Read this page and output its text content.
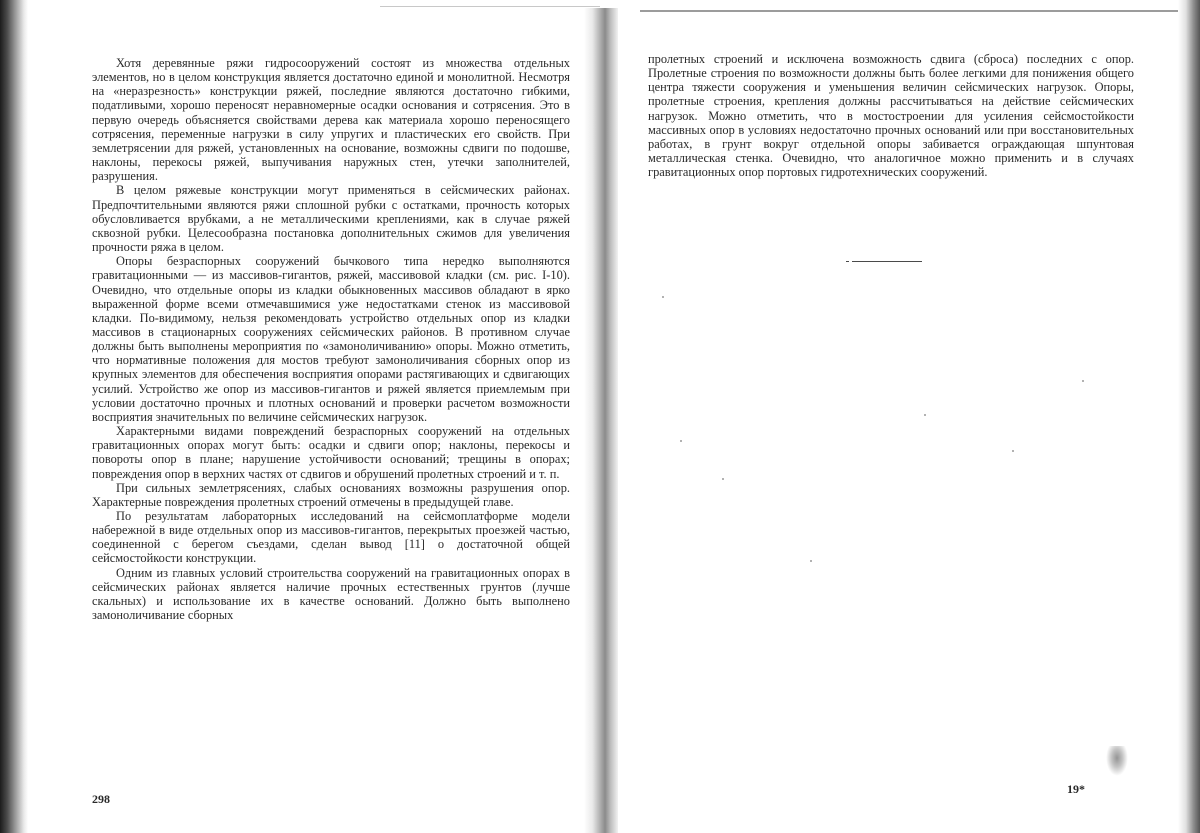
Хотя деревянные ряжи гидросооружений состоят из множества отдельных элементов, но в целом конструкция является достаточно единой и монолитной. Несмотря на «неразрезность» конструкции ряжей, последние являются достаточно гибкими, податливыми, хорошо переносят неравномерные осадки основания и сотрясения. Это в первую очередь объясняется свойствами дерева как материала хорошо переносящего сотрясения, переменные нагрузки в силу упругих и пластических его свойств. При землетрясении для ряжей, установленных на основание, возможны сдвиги по подошве, наклоны, перекосы ряжей, выпучивания наружных стен, утечки заполнителей, разрушения.

В целом ряжевые конструкции могут применяться в сейсмических районах. Предпочтительными являются ряжи сплошной рубки с остатками, прочность которых обусловливается врубками, а не металлическими креплениями, как в случае ряжей сквозной рубки. Целесообразна постановка дополнительных сжимов для увеличения прочности ряжа в целом.

Опоры безраспорных сооружений бычкового типа нередко выполняются гравитационными — из массивов-гигантов, ряжей, массивовой кладки (см. рис. I-10). Очевидно, что отдельные опоры из кладки обыкновенных массивов обладают в ярко выраженной форме всеми отмечавшимися уже недостатками стенок из массивовой кладки. По-видимому, нельзя рекомендовать устройство отдельных опор из кладки массивов в стационарных сооружениях сейсмических районов. В противном случае должны быть выполнены мероприятия по «замоноличиванию» опоры. Можно отметить, что нормативные положения для мостов требуют замоноличивания сборных опор из крупных элементов для обеспечения восприятия опорами растягивающих и сдвигающих усилий. Устройство же опор из массивов-гигантов и ряжей является приемлемым при условии достаточно прочных и плотных оснований и проверки расчетом возможности восприятия значительных по величине сейсмических нагрузок.

Характерными видами повреждений безраспорных сооружений на отдельных гравитационных опорах могут быть: осадки и сдвиги опор; наклоны, перекосы и повороты опор в плане; нарушение устойчивости оснований; трещины в опорах; повреждения опор в верхних частях от сдвигов и обрушений пролетных строений и т. п.

При сильных землетрясениях, слабых основаниях возможны разрушения опор. Характерные повреждения пролетных строений отмечены в предыдущей главе.

По результатам лабораторных исследований на сейсмоплатформе модели набережной в виде отдельных опор из массивов-гигантов, перекрытых проезжей частью, соединенной с берегом съездами, сделан вывод [11] о достаточной общей сейсмостойкости конструкции.

Одним из главных условий строительства сооружений на гравитационных опорах в сейсмических районах является наличие прочных естественных грунтов (лучше скальных) и использование их в качестве оснований. Должно быть выполнено замоноличивание сборных

298

пролетных строений и исключена возможность сдвига (сброса) последних с опор. Пролетные строения по возможности должны быть более легкими для понижения общего центра тяжести сооружения и уменьшения величин сейсмических нагрузок. Опоры, пролетные строения, крепления должны рассчитываться на действие сейсмических нагрузок. Можно отметить, что в мостостроении для усиления сейсмостойкости массивных опор в условиях недостаточно прочных оснований или при восстановительных работах, в грунт вокруг отдельной опоры забивается ограждающая шпунтовая металлическая стенка. Очевидно, что аналогичное можно применить и в случаях гравитационных опор портовых гидротехнических сооружений.

19*
